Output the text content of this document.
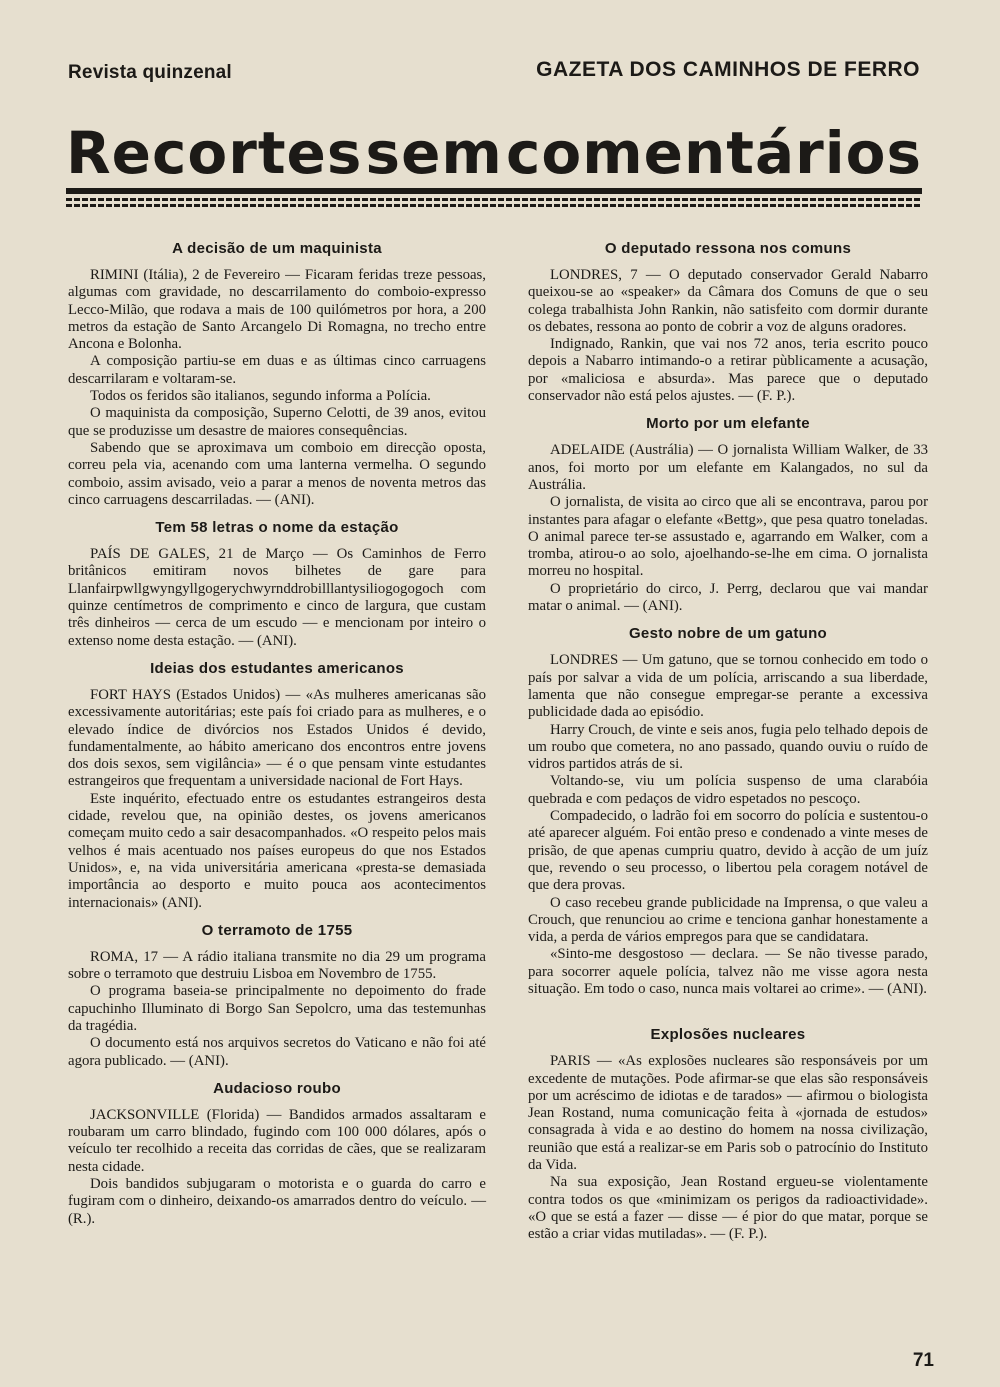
Revista quinzenal	GAZETA DOS CAMINHOS DE FERRO
Recortes sem comentários
A decisão de um maquinista

RIMINI (Itália), 2 de Fevereiro — Ficaram feridas treze pessoas, algumas com gravidade, no descarrilamento do comboio-expresso Lecco-Milão, que rodava a mais de 100 quilómetros por hora, a 200 metros da estação de Santo Arcangelo Di Romagna, no trecho entre Ancona e Bolonha.

A composição partiu-se em duas e as últimas cinco carruagens descarrilaram e voltaram-se.

Todos os feridos são italianos, segundo informa a Polícia.

O maquinista da composição, Superno Celotti, de 39 anos, evitou que se produzisse um desastre de maiores consequências.

Sabendo que se aproximava um comboio em direcção oposta, correu pela via, acenando com uma lanterna vermelha. O segundo comboio, assim avisado, veio a parar a menos de noventa metros das cinco carruagens descarriladas. — (ANI).

Tem 58 letras o nome da estação

PAÍS DE GALES, 21 de Março — Os Caminhos de Ferro britânicos emitiram novos bilhetes de gare para Llanfairpwllgwyngyllgogerychwyrnddrobilllantysiliogogogoch com quinze centímetros de comprimento e cinco de largura, que custam três dinheiros — cerca de um escudo — e mencionam por inteiro o extenso nome desta estação. — (ANI).

Ideias dos estudantes americanos

FORT HAYS (Estados Unidos) — «As mulheres americanas são excessivamente autoritárias; este país foi criado para as mulheres, e o elevado índice de divórcios nos Estados Unidos é devido, fundamentalmente, ao hábito americano dos encontros entre jovens dos dois sexos, sem vigilância» — é o que pensam vinte estudantes estrangeiros que frequentam a universidade nacional de Fort Hays.

Este inquérito, efectuado entre os estudantes estrangeiros desta cidade, revelou que, na opinião destes, os jovens americanos começam muito cedo a sair desacompanhados. «O respeito pelos mais velhos é mais acentuado nos países europeus do que nos Estados Unidos», e, na vida universitária americana «presta-se demasiada importância ao desporto e muito pouca aos acontecimentos internacionais» (ANI).

O terramoto de 1755

ROMA, 17 — A rádio italiana transmite no dia 29 um programa sobre o terramoto que destruiu Lisboa em Novembro de 1755.

O programa baseia-se principalmente no depoimento do frade capuchinho Illuminato di Borgo San Sepolcro, uma das testemunhas da tragédia.

O documento está nos arquivos secretos do Vaticano e não foi até agora publicado. — (ANI).

Audacioso roubo

JACKSONVILLE (Florida) — Bandidos armados assaltaram e roubaram um carro blindado, fugindo com 100 000 dólares, após o veículo ter recolhido a receita das corridas de cães, que se realizaram nesta cidade.

Dois bandidos subjugaram o motorista e o guarda do carro e fugiram com o dinheiro, deixando-os amarrados dentro do veículo. — (R.).

O deputado ressona nos comuns

LONDRES, 7 — O deputado conservador Gerald Nabarro queixou-se ao «speaker» da Câmara dos Comuns de que o seu colega trabalhista John Rankin, não satisfeito com dormir durante os debates, ressona ao ponto de cobrir a voz de alguns oradores.

Indignado, Rankin, que vai nos 72 anos, teria escrito pouco depois a Nabarro intimando-o a retirar pùblicamente a acusação, por «maliciosa e absurda». Mas parece que o deputado conservador não está pelos ajustes. — (F. P.).

Morto por um elefante

ADELAIDE (Austrália) — O jornalista William Walker, de 33 anos, foi morto por um elefante em Kalangados, no sul da Austrália.

O jornalista, de visita ao circo que ali se encontrava, parou por instantes para afagar o elefante «Bettg», que pesa quatro toneladas. O animal parece ter-se assustado e, agarrando em Walker, com a tromba, atirou-o ao solo, ajoelhando-se-lhe em cima. O jornalista morreu no hospital.

O proprietário do circo, J. Perrg, declarou que vai mandar matar o animal. — (ANI).

Gesto nobre de um gatuno

LONDRES — Um gatuno, que se tornou conhecido em todo o país por salvar a vida de um polícia, arriscando a sua liberdade, lamenta que não consegue empregar-se perante a excessiva publicidade dada ao episódio.

Harry Crouch, de vinte e seis anos, fugia pelo telhado depois de um roubo que cometera, no ano passado, quando ouviu o ruído de vidros partidos atrás de si.

Voltando-se, viu um polícia suspenso de uma clarabóia quebrada e com pedaços de vidro espetados no pescoço.

Compadecido, o ladrão foi em socorro do polícia e sustentou-o até aparecer alguém. Foi então preso e condenado a vinte meses de prisão, de que apenas cumpriu quatro, devido à acção de um juíz que, revendo o seu processo, o libertou pela coragem notável de que dera provas.

O caso recebeu grande publicidade na Imprensa, o que valeu a Crouch, que renunciou ao crime e tenciona ganhar honestamente a vida, a perda de vários empregos para que se candidatara.

«Sinto-me desgostoso — declara. — Se não tivesse parado, para socorrer aquele polícia, talvez não me visse agora nesta situação. Em todo o caso, nunca mais voltarei ao crime». — (ANI).

Explosões nucleares

PARIS — «As explosões nucleares são responsáveis por um excedente de mutações. Pode afirmar-se que elas são responsáveis por um acréscimo de idiotas e de tarados» — afirmou o biologista Jean Rostand, numa comunicação feita à «jornada de estudos» consagrada à vida e ao destino do homem na nossa civilização, reunião que está a realizar-se em Paris sob o patrocínio do Instituto da Vida.

Na sua exposição, Jean Rostand ergueu-se violentamente contra todos os que «minimizam os perigos da radioactividade». «O que se está a fazer — disse — é pior do que matar, porque se estão a criar vidas mutiladas». — (F. P.).

71
